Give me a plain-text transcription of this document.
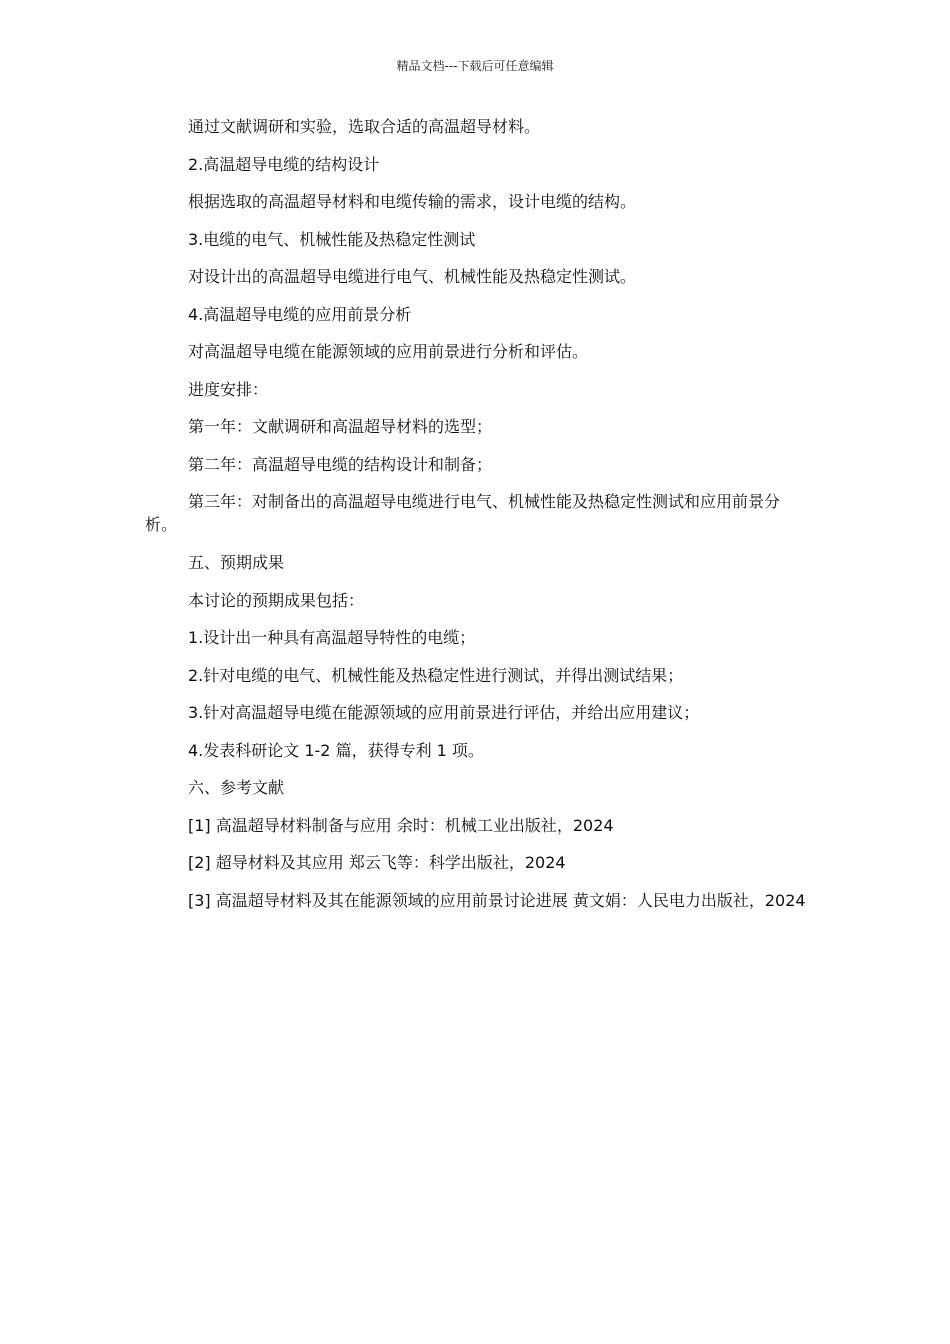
精品文档---下载后可任意编辑

通过文献调研和实验，选取合适的高温超导材料。

2.高温超导电缆的结构设计

根据选取的高温超导材料和电缆传输的需求，设计电缆的结构。

3.电缆的电气、机械性能及热稳定性测试

对设计出的高温超导电缆进行电气、机械性能及热稳定性测试。

4.高温超导电缆的应用前景分析

对高温超导电缆在能源领域的应用前景进行分析和评估。

进度安排：

第一年：文献调研和高温超导材料的选型；

第二年：高温超导电缆的结构设计和制备；

第三年：对制备出的高温超导电缆进行电气、机械性能及热稳定性测试和应用前景分析。

五、预期成果

本讨论的预期成果包括：

1.设计出一种具有高温超导特性的电缆；

2.针对电缆的电气、机械性能及热稳定性进行测试，并得出测试结果；

3.针对高温超导电缆在能源领域的应用前景进行评估，并给出应用建议；

4.发表科研论文 1-2 篇，获得专利 1 项。

六、参考文献

[1] 高温超导材料制备与应用 余时：机械工业出版社，2024

[2] 超导材料及其应用 郑云飞等：科学出版社，2024

[3] 高温超导材料及其在能源领域的应用前景讨论进展 黄文娟：人民电力出版社，2024
